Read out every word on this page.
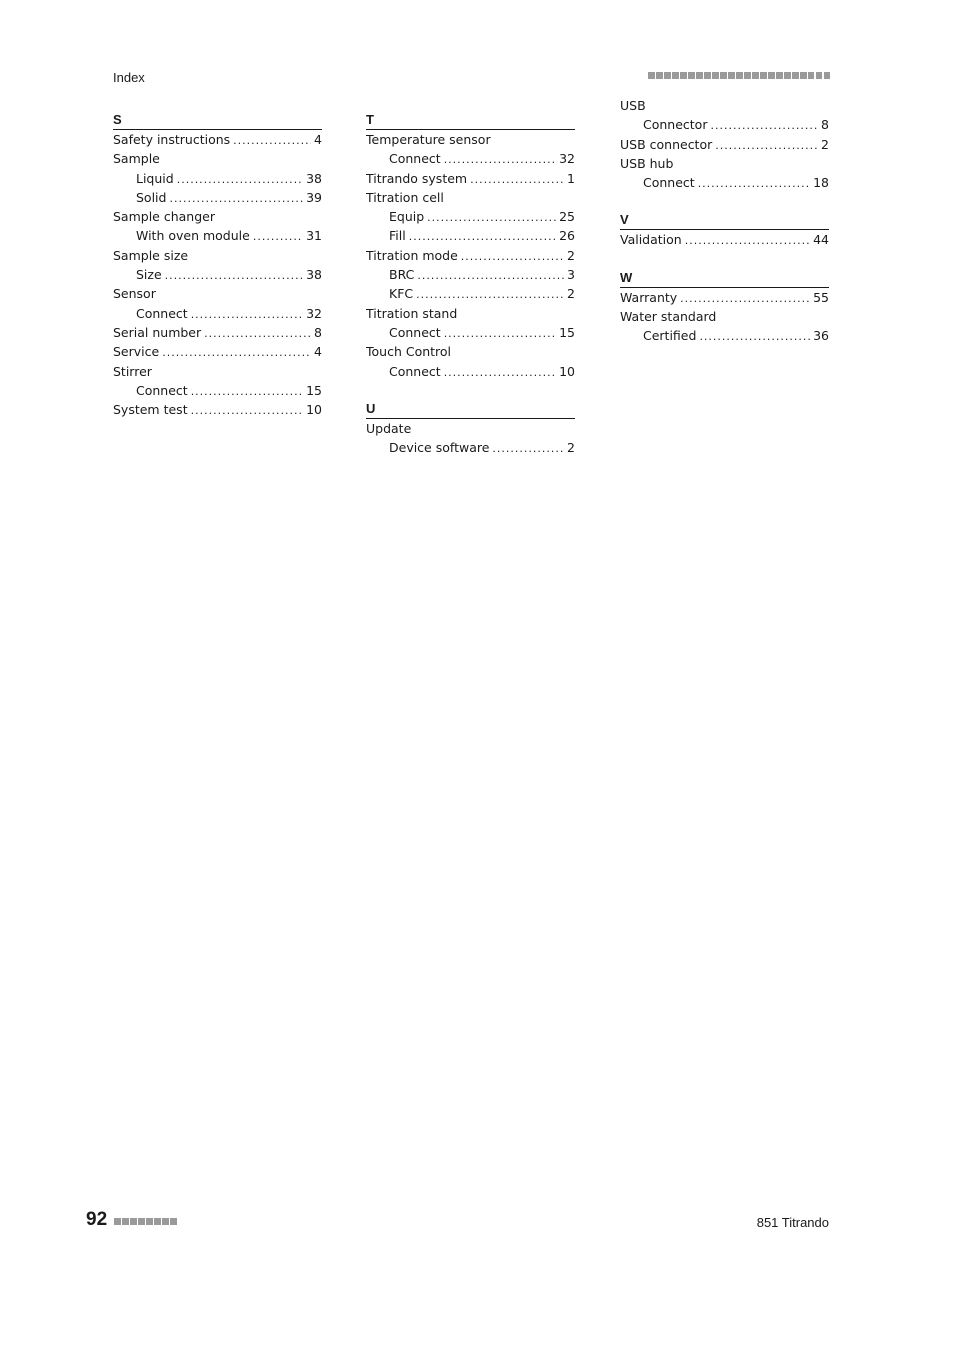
Index
S
Safety instructions .....	4
Sample
Liquid .....	38
Solid .....	39
Sample changer
With oven module .....	31
Sample size
Size .....	38
Sensor
Connect .....	32
Serial number .....	8
Service .....	4
Stirrer
Connect .....	15
System test .....	10
T
Temperature sensor
Connect .....	32
Titrando system .....	1
Titration cell
Equip .....	25
Fill .....	26
Titration mode .....	2
BRC .....	3
KFC .....	2
Titration stand
Connect .....	15
Touch Control
Connect .....	10
U
Update
Device software .....	2
USB
Connector .....	8
USB connector .....	2
USB hub
Connect .....	18
V
Validation .....	44
W
Warranty .....	55
Water standard
Certified .....	36
92	851 Titrando
